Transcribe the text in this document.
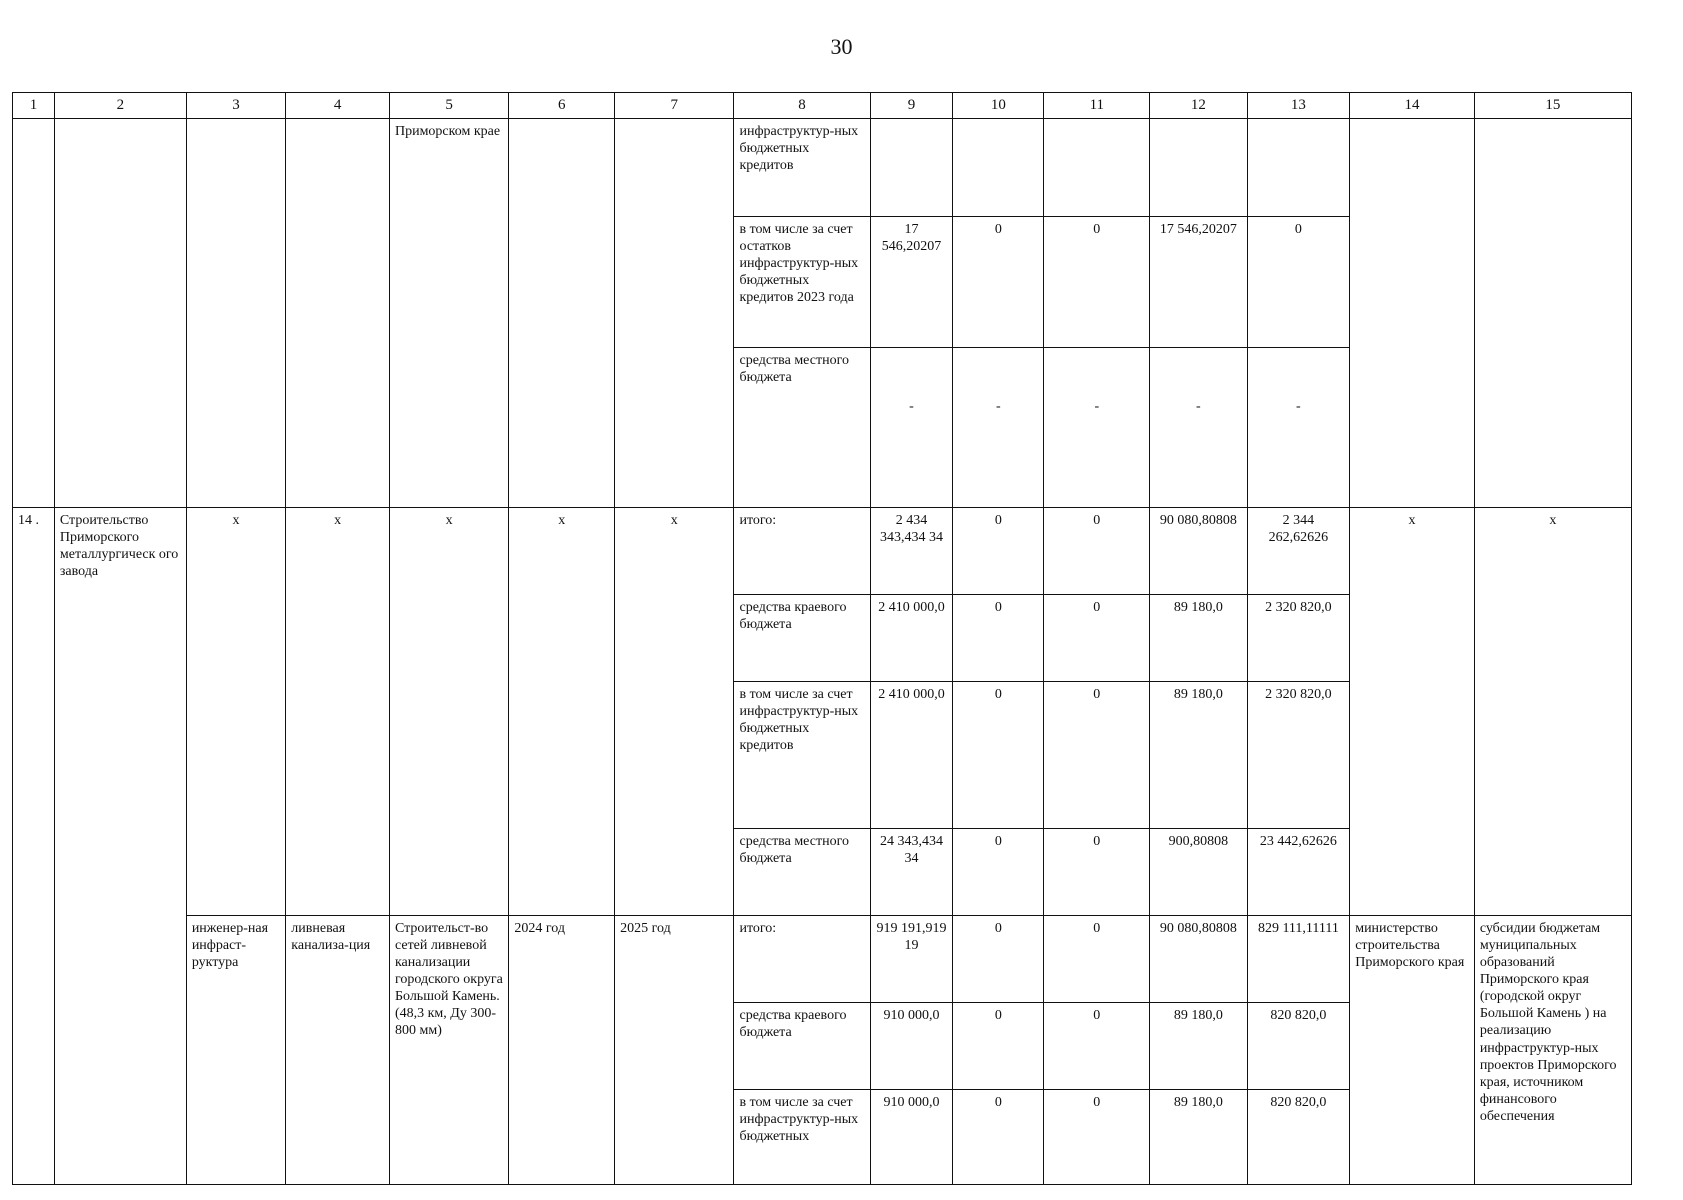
30
1	2	3	4	5	6	7	8	9	10	11	12	13	14	15
				Приморском крае			инфраструктур-ных бюджетных кредитов							
							в том числе за счет остатков инфраструктур-ных бюджетных кредитов 2023 года	17 546,20207	0	0	17 546,20207	0		
							средства местного бюджета	-	-	-	-	-		
14 .	Строительство Приморского металлургическ ого завода	x	x	x	x	x	итого:	2 434 343,434 34	0	0	90 080,80808	2 344 262,62626	x	x
							средства краевого бюджета	2 410 000,0	0	0	89 180,0	2 320 820,0		
							в том числе за счет инфраструктур-ных бюджетных кредитов	2 410 000,0	0	0	89 180,0	2 320 820,0		
							средства местного бюджета	24 343,434 34	0	0	900,80808	23 442,62626		
		инженер-ная инфраст-руктура	ливневая канализа-ция	Строительст-во сетей ливневой канализации городского округа Большой Камень. (48,3 км, Ду 300-800 мм)	2024 год	2025 год	итого:	919 191,919 19	0	0	90 080,80808	829 111,11111	министерство строительства Приморского края	субсидии бюджетам муниципальных образований Приморского края (городской округ Большой Камень ) на реализацию инфраструктур-ных проектов Приморского края, источником финансового обеспечения
							средства краевого бюджета	910 000,0	0	0	89 180,0	820 820,0		
							в том числе за счет инфраструктур-ных бюджетных	910 000,0	0	0	89 180,0	820 820,0		
